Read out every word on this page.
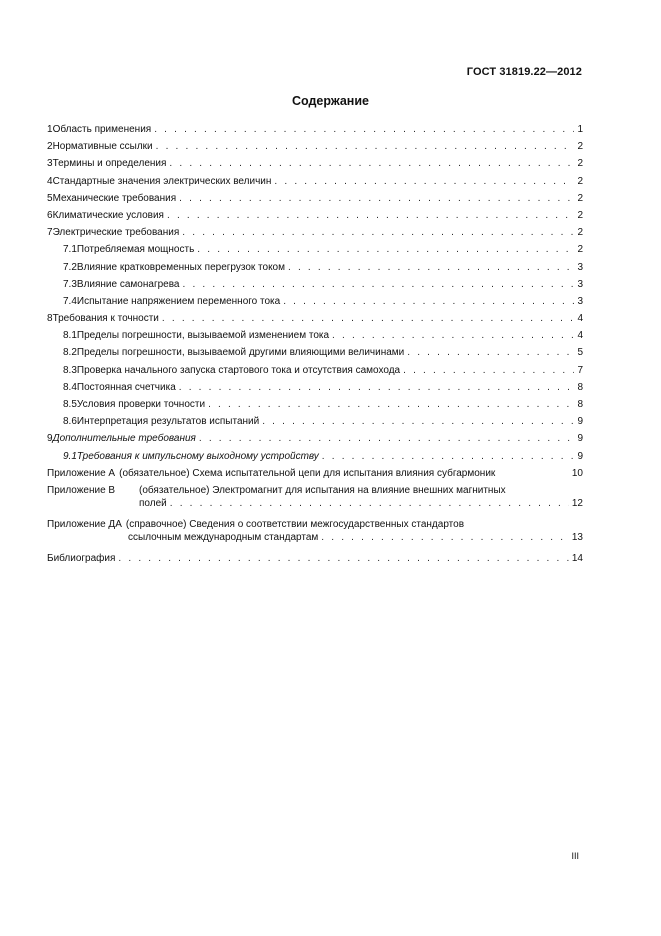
ГОСТ 31819.22—2012
Содержание
1 Область применения . . .	1
2 Нормативные ссылки . . .	2
3 Термины и определения . . .	2
4 Стандартные значения электрических величин . . .	2
5 Механические требования . . .	2
6 Климатические условия . . .	2
7 Электрические требования . . .	2
7.1 Потребляемая мощность . . .	2
7.2 Влияние кратковременных перегрузок током . . .	3
7.3 Влияние самонагрева . . .	3
7.4 Испытание напряжением переменного тока . . .	3
8 Требования к точности . . .	4
8.1 Пределы погрешности, вызываемой изменением тока . . .	4
8.2 Пределы погрешности, вызываемой другими влияющими величинами . . .	5
8.3 Проверка начального запуска стартового тока и отсутствия самохода . . .	7
8.4 Постоянная счетчика . . .	8
8.5 Условия проверки точности . . .	8
8.6 Интерпретация результатов испытаний . . .	9
9 Дополнительные требования . . .	9
9.1 Требования к импульсному выходному устройству . . .	9
Приложение А (обязательное) Схема испытательной цепи для испытания влияния субгармоник	10
Приложение В	(обязательное) Электромагнит для испытания на влияние внешних магнитных
полей . . .	12
Приложение ДА (справочное) Сведения о соответствии межгосударственных стандартов
ссылочным международным стандартам . . .	13
Библиография . . .	14
III
